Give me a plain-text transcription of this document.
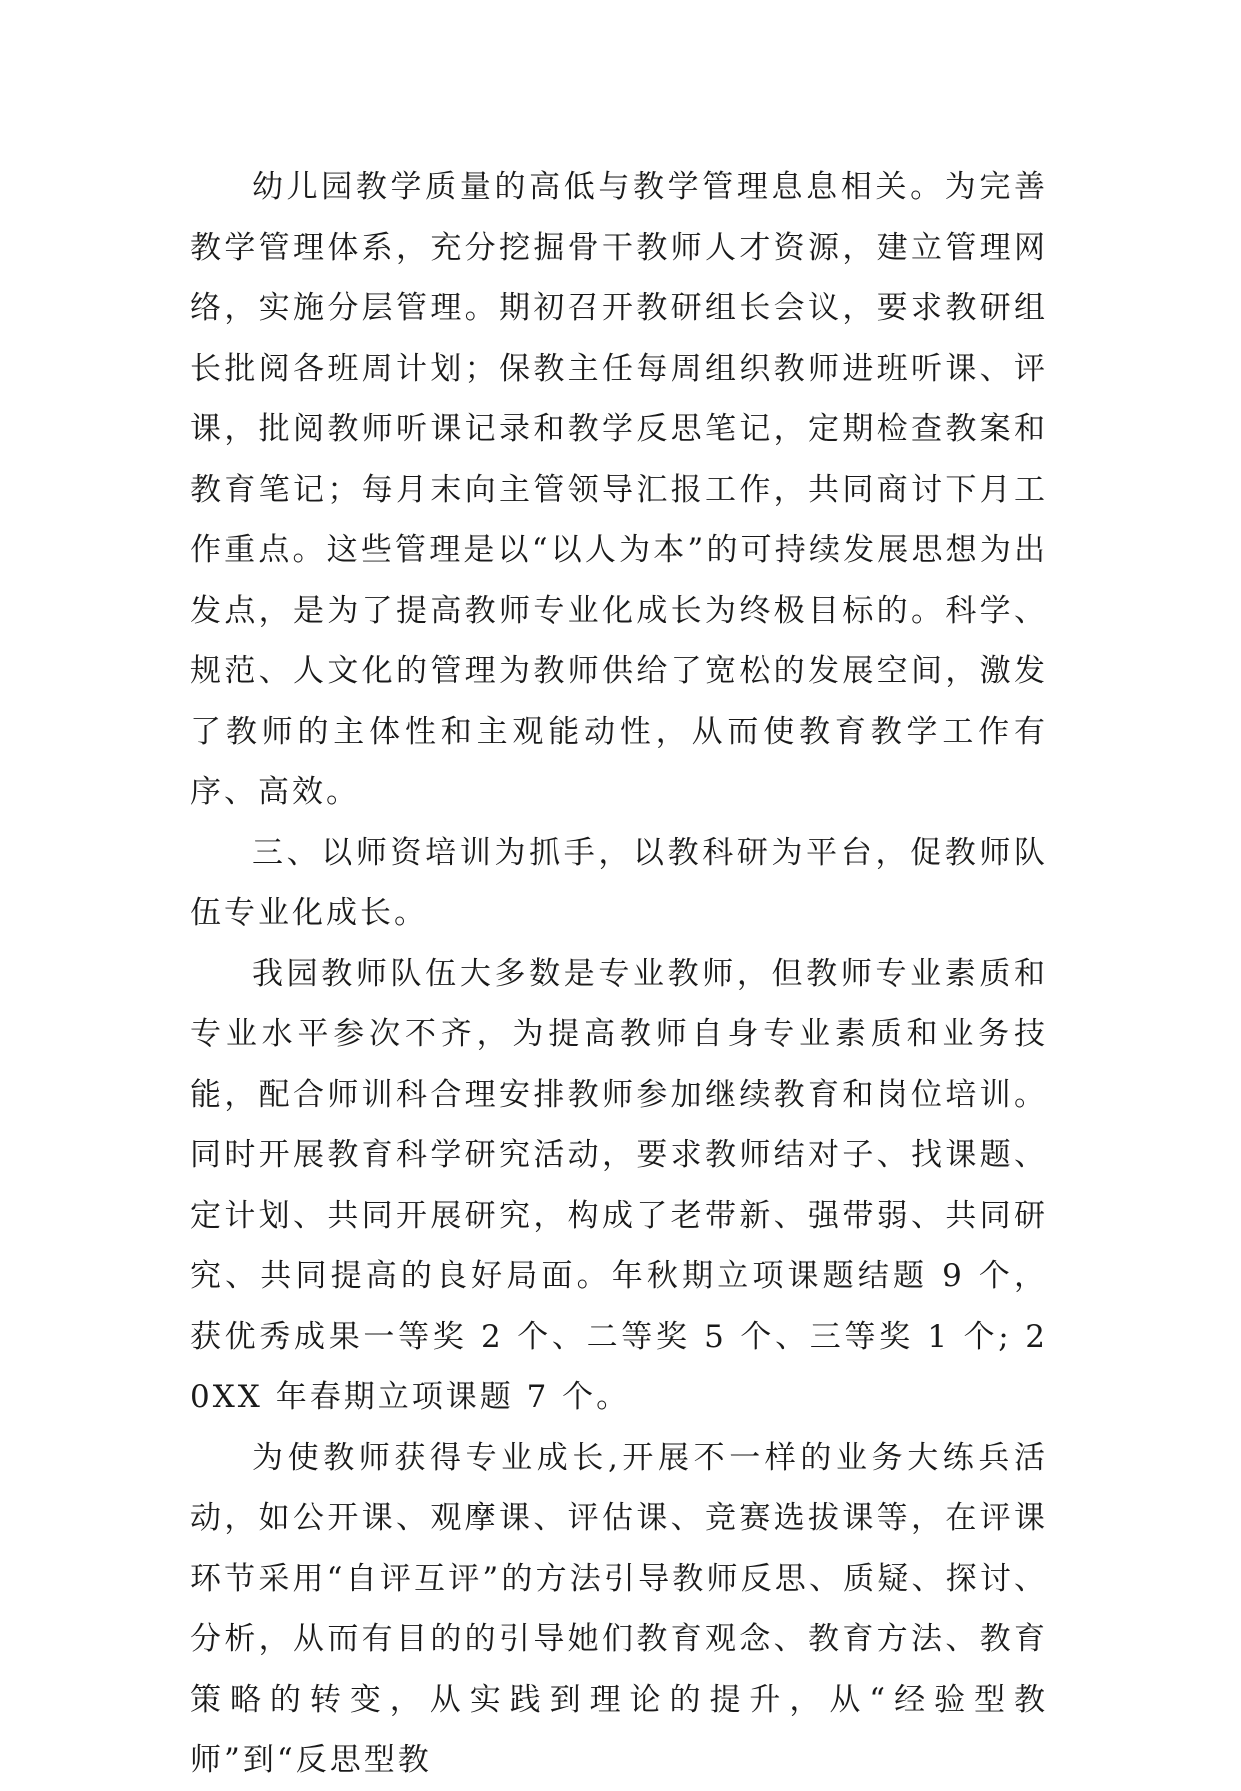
幼儿园教学质量的高低与教学管理息息相关。为完善教学管理体系，充分挖掘骨干教师人才资源，建立管理网络，实施分层管理。期初召开教研组长会议，要求教研组长批阅各班周计划；保教主任每周组织教师进班听课、评课，批阅教师听课记录和教学反思笔记，定期检查教案和教育笔记；每月末向主管领导汇报工作，共同商讨下月工作重点。这些管理是以“以人为本”的可持续发展思想为出发点，是为了提高教师专业化成长为终极目标的。科学、规范、人文化的管理为教师供给了宽松的发展空间，激发了教师的主体性和主观能动性，从而使教育教学工作有序、高效。

三、以师资培训为抓手，以教科研为平台，促教师队伍专业化成长。

我园教师队伍大多数是专业教师，但教师专业素质和专业水平参次不齐，为提高教师自身专业素质和业务技能，配合师训科合理安排教师参加继续教育和岗位培训。同时开展教育科学研究活动，要求教师结对子、找课题、定计划、共同开展研究，构成了老带新、强带弱、共同研究、共同提高的良好局面。年秋期立项课题结题 9 个，获优秀成果一等奖 2 个、二等奖 5 个、三等奖 1 个; 20XX 年春期立项课题 7 个。

为使教师获得专业成长,开展不一样的业务大练兵活动，如公开课、观摩课、评估课、竞赛选拔课等，在评课环节采用“自评互评”的方法引导教师反思、质疑、探讨、分析，从而有目的的引导她们教育观念、教育方法、教育策略的转变，从实践到理论的提升，从“经验型教师”到“反思型教
